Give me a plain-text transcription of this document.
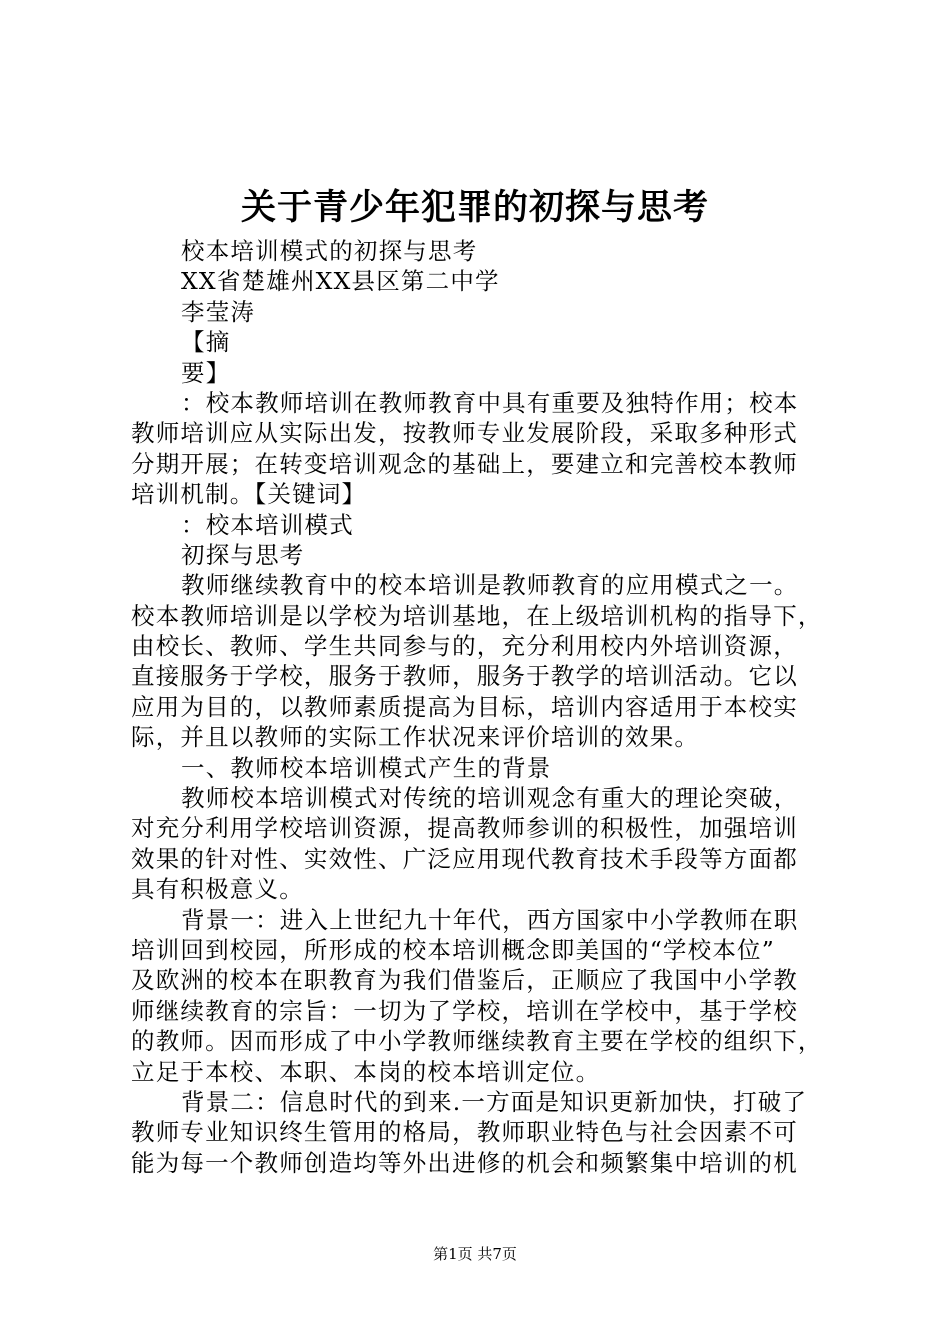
关于青少年犯罪的初探与思考
校本培训模式的初探与思考
XX省楚雄州XX县区第二中学
李莹涛
【摘
要】
：校本教师培训在教师教育中具有重要及独特作用；校本
教师培训应从实际出发，按教师专业发展阶段，采取多种形式
分期开展；在转变培训观念的基础上，要建立和完善校本教师
培训机制。【关键词】
：校本培训模式
初探与思考
教师继续教育中的校本培训是教师教育的应用模式之一。
校本教师培训是以学校为培训基地，在上级培训机构的指导下，
由校长、教师、学生共同参与的，充分利用校内外培训资源，
直接服务于学校，服务于教师，服务于教学的培训活动。它以
应用为目的，以教师素质提高为目标，培训内容适用于本校实
际，并且以教师的实际工作状况来评价培训的效果。
一、教师校本培训模式产生的背景
教师校本培训模式对传统的培训观念有重大的理论突破，
对充分利用学校培训资源，提高教师参训的积极性，加强培训
效果的针对性、实效性、广泛应用现代教育技术手段等方面都
具有积极意义。
背景一：进入上世纪九十年代，西方国家中小学教师在职
培训回到校园，所形成的校本培训概念即美国的“学校本位”
及欧洲的校本在职教育为我们借鉴后，正顺应了我国中小学教
师继续教育的宗旨：一切为了学校，培训在学校中，基于学校
的教师。因而形成了中小学教师继续教育主要在学校的组织下，
立足于本校、本职、本岗的校本培训定位。
背景二：信息时代的到来.一方面是知识更新加快，打破了
教师专业知识终生管用的格局，教师职业特色与社会因素不可
能为每一个教师创造均等外出进修的机会和频繁集中培训的机
第1页 共7页
